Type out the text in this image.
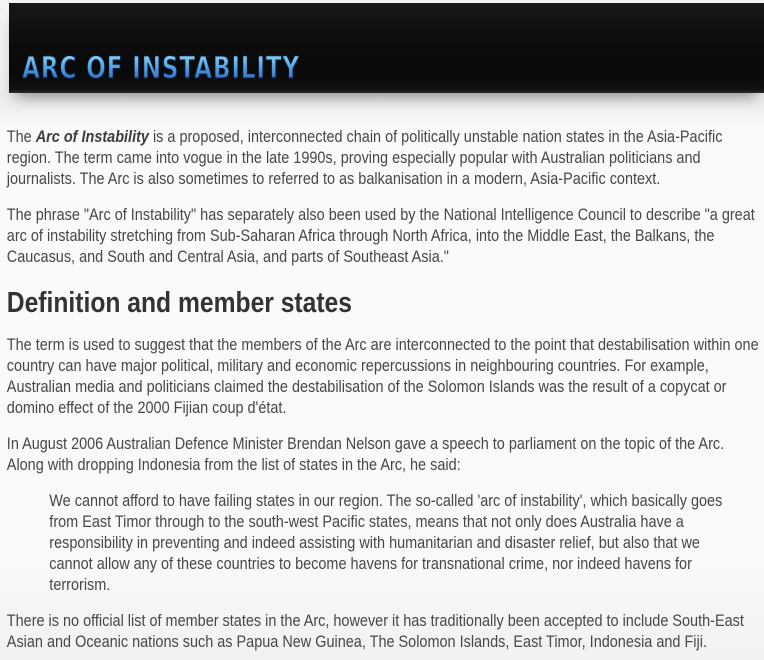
ARC OF INSTABILITY

The Arc of Instability is a proposed, interconnected chain of politically unstable nation states in the Asia-Pacific region. The term came into vogue in the late 1990s, proving especially popular with Australian politicians and journalists. The Arc is also sometimes to referred to as balkanisation in a modern, Asia-Pacific context.

The phrase "Arc of Instability" has separately also been used by the National Intelligence Council to describe "a great arc of instability stretching from Sub-Saharan Africa through North Africa, into the Middle East, the Balkans, the Caucasus, and South and Central Asia, and parts of Southeast Asia."

Definition and member states

The term is used to suggest that the members of the Arc are interconnected to the point that destabilisation within one country can have major political, military and economic repercussions in neighbouring countries. For example, Australian media and politicians claimed the destabilisation of the Solomon Islands was the result of a copycat or domino effect of the 2000 Fijian coup d'état.

In August 2006 Australian Defence Minister Brendan Nelson gave a speech to parliament on the topic of the Arc. Along with dropping Indonesia from the list of states in the Arc, he said:

We cannot afford to have failing states in our region. The so-called 'arc of instability', which basically goes from East Timor through to the south-west Pacific states, means that not only does Australia have a responsibility in preventing and indeed assisting with humanitarian and disaster relief, but also that we cannot allow any of these countries to become havens for transnational crime, nor indeed havens for terrorism.

There is no official list of member states in the Arc, however it has traditionally been accepted to include South-East Asian and Oceanic nations such as Papua New Guinea, The Solomon Islands, East Timor, Indonesia and Fiji.
